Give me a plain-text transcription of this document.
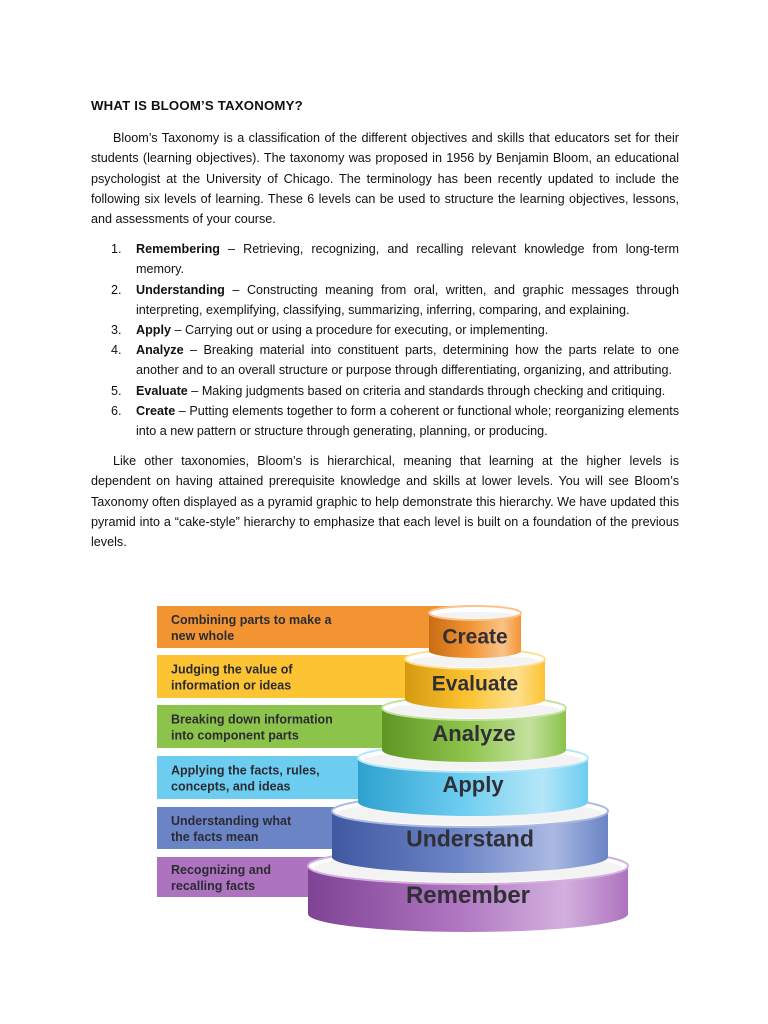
WHAT IS BLOOM’S TAXONOMY?

Bloom’s Taxonomy is a classification of the different objectives and skills that educators set for their students (learning objectives). The taxonomy was proposed in 1956 by Benjamin Bloom, an educational psychologist at the University of Chicago. The terminology has been recently updated to include the following six levels of learning. These 6 levels can be used to structure the learning objectives, lessons, and assessments of your course.

1. Remembering – Retrieving, recognizing, and recalling relevant knowledge from long-term memory.
2. Understanding – Constructing meaning from oral, written, and graphic messages through interpreting, exemplifying, classifying, summarizing, inferring, comparing, and explaining.
3. Apply – Carrying out or using a procedure for executing, or implementing.
4. Analyze – Breaking material into constituent parts, determining how the parts relate to one another and to an overall structure or purpose through differentiating, organizing, and attributing.
5. Evaluate – Making judgments based on criteria and standards through checking and critiquing.
6. Create – Putting elements together to form a coherent or functional whole; reorganizing elements into a new pattern or structure through generating, planning, or producing.

Like other taxonomies, Bloom’s is hierarchical, meaning that learning at the higher levels is dependent on having attained prerequisite knowledge and skills at lower levels. You will see Bloom’s Taxonomy often displayed as a pyramid graphic to help demonstrate this hierarchy. We have updated this pyramid into a “cake-style” hierarchy to emphasize that each level is built on a foundation of the previous levels.

Remember
Recognizing and
recalling facts
Understand
Understanding what
the facts mean
Apply
Applying the facts, rules,
concepts, and ideas
Analyze
Breaking down information
into component parts
Evaluate
Judging the value of
information or ideas
Create
Combining parts to make a
new whole
